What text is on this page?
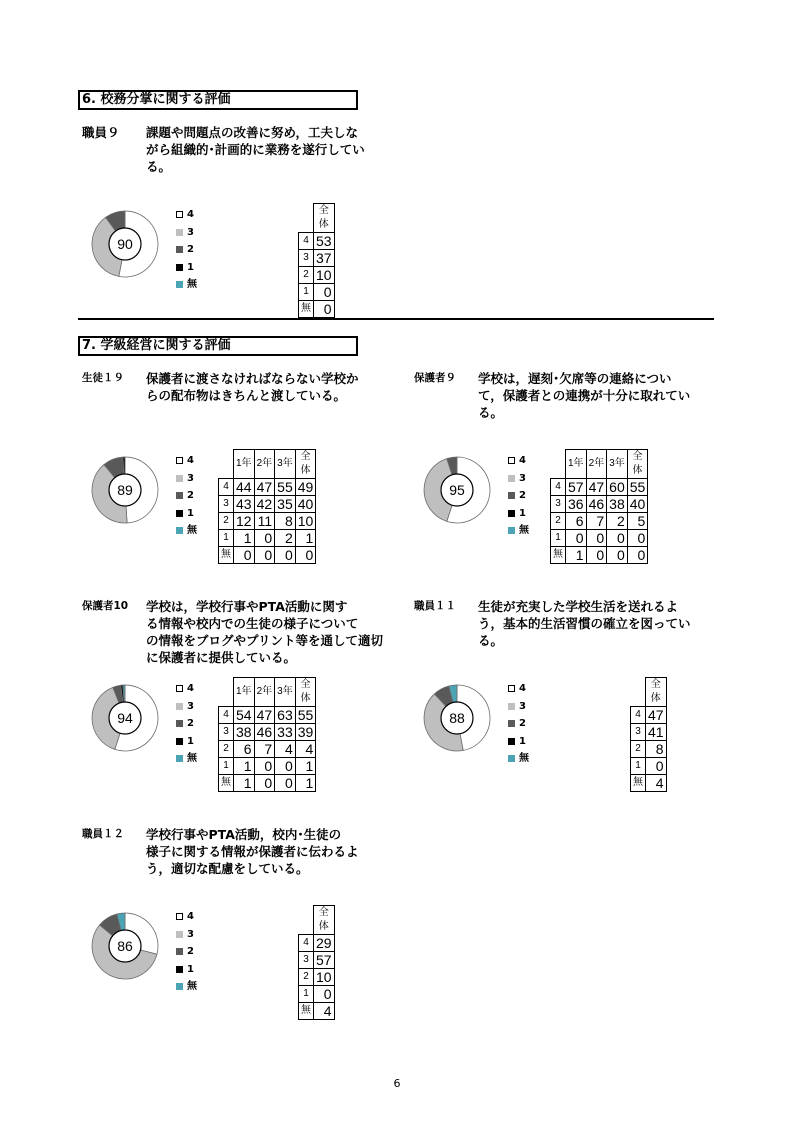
6. 校務分掌に関する評価
7. 学級経営に関する評価
職員９ 課題や問題点の改善に努め，工夫しな
がら組織的･計画的に業務を遂行してい
る。
90
4
3
2
1
無
	全体
4	53
3	37
2	10
1	0
無	0
生徒１９ 保護者に渡さなければならない学校か
らの配布物はきちんと渡している。
89
4
3
2
1
無
	1年	2年	3年	全体
4	44	47	55	49
3	43	42	35	40
2	12	11	8	10
1	1	0	2	1
無	0	0	0	0
保護者９ 学校は，遅刻･欠席等の連絡につい
て，保護者との連携が十分に取れてい
る。
95
4
3
2
1
無
	1年	2年	3年	全体
4	57	47	60	55
3	36	46	38	40
2	6	7	2	5
1	0	0	0	0
無	1	0	0	0
保護者10 学校は，学校行事やPTA活動に関す
る情報や校内での生徒の様子について
の情報をブログやプリント等を通して適切
に保護者に提供している。
94
4
3
2
1
無
	1年	2年	3年	全体
4	54	47	63	55
3	38	46	33	39
2	6	7	4	4
1	1	0	0	1
無	1	0	0	1
職員１１ 生徒が充実した学校生活を送れるよ
う，基本的生活習慣の確立を図ってい
る。
88
4
3
2
1
無
	全体
4	47
3	41
2	8
1	0
無	4
職員１２ 学校行事やPTA活動，校内･生徒の
様子に関する情報が保護者に伝わるよ
う，適切な配慮をしている。
86
4
3
2
1
無
	全体
4	29
3	57
2	10
1	0
無	4
6
